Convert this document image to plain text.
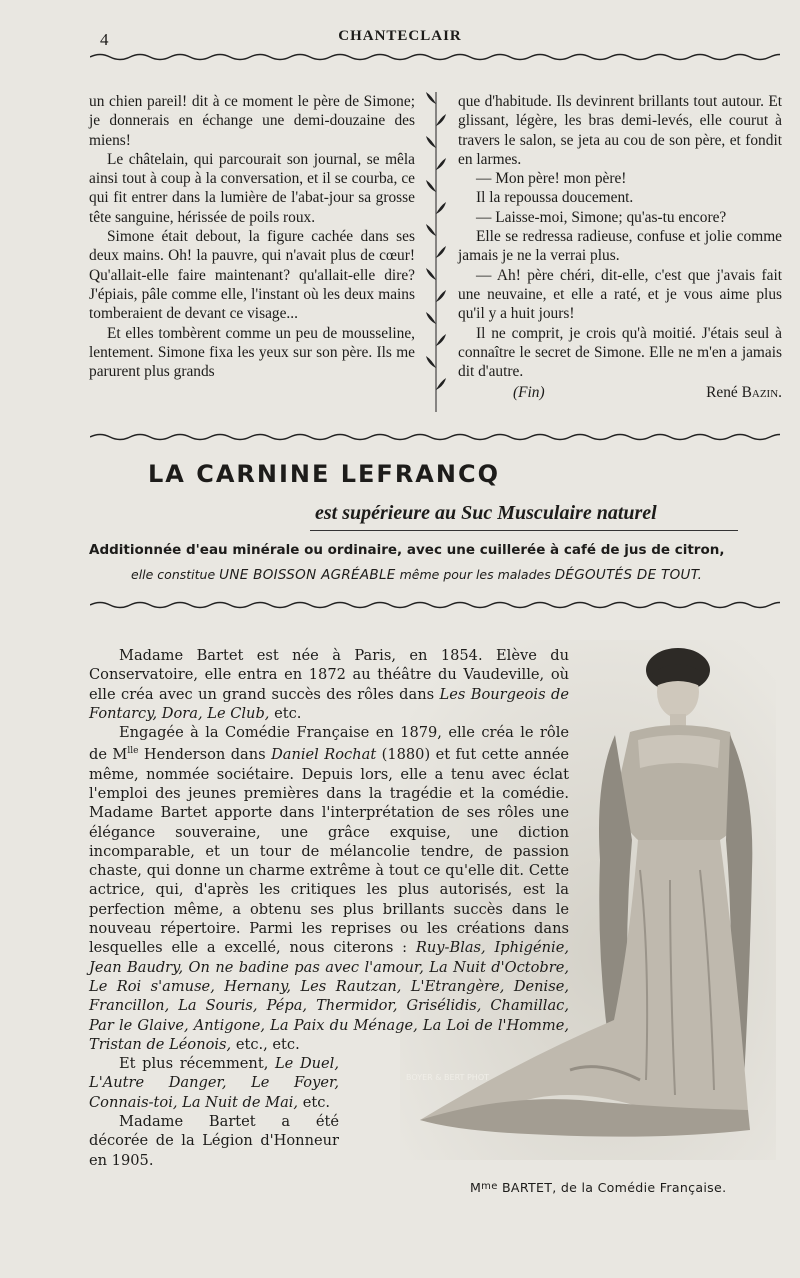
4	CHANTECLAIR

un chien pareil! dit à ce moment le père de Simone; je donnerais en échange une demi-douzaine des miens!

Le châtelain, qui parcourait son journal, se mêla ainsi tout à coup à la conversation, et il se courba, ce qui fit entrer dans la lumière de l'abat-jour sa grosse tête sanguine, hérissée de poils roux.

Simone était debout, la figure cachée dans ses deux mains. Oh! la pauvre, qui n'avait plus de cœur! Qu'allait-elle faire maintenant? qu'allait-elle dire? J'épiais, pâle comme elle, l'instant où les deux mains tomberaient de devant ce visage...

Et elles tombèrent comme un peu de mousseline, lentement. Simone fixa les yeux sur son père. Ils me parurent plus grands

que d'habitude. Ils devinrent brillants tout autour. Et glissant, légère, les bras demi-levés, elle courut à travers le salon, se jeta au cou de son père, et fondit en larmes.

— Mon père! mon père!

Il la repoussa doucement.

— Laisse-moi, Simone; qu'as-tu encore?

Elle se redressa radieuse, confuse et jolie comme jamais je ne la verrai plus.

— Ah! père chéri, dit-elle, c'est que j'avais fait une neuvaine, et elle a raté, et je vous aime plus qu'il y a huit jours!

Il ne comprit, je crois qu'à moitié. J'étais seul à connaître le secret de Simone. Elle ne m'en a jamais dit d'autre.

(Fin)	René Bazin.
LA CARNINE LEFRANCQ
est supérieure au Suc Musculaire naturel
Additionnée d'eau minérale ou ordinaire, avec une cuillerée à café de jus de citron,
elle constitue UNE BOISSON AGRÉABLE même pour les malades DÉGOUTÉS DE TOUT.
BOYER & BERT PHOT

Madame Bartet est née à Paris, en 1854. Elève du Conservatoire, elle entra en 1872 au théâtre du Vaudeville, où elle créa avec un grand succès des rôles dans Les Bourgeois de Fontarcy, Dora, Le Club, etc.

Engagée à la Comédie Française en 1879, elle créa le rôle de $M^{lle}$ Henderson dans Daniel Rochat (1880) et fut cette année même, nommée sociétaire. Depuis lors, elle a tenu avec éclat l'emploi des jeunes premières dans la tragédie et la comédie. Madame Bartet apporte dans l'interprétation de ses rôles une élégance souveraine, une grâce exquise, une diction incomparable, et un tour de mélancolie tendre, de passion chaste, qui donne un charme extrême à tout ce qu'elle dit. Cette actrice, qui, d'après les critiques les plus autorisés, est la perfection même, a obtenu ses plus brillants succès dans le nouveau répertoire. Parmi les reprises ou les créations dans lesquelles elle a excellé, nous citerons : Ruy-Blas, Iphigénie, Jean Baudry, On ne badine pas avec l'amour, La Nuit d'Octobre, Le Roi s'amuse, Hernany, Les Rautzan, L'Etrangère, Denise, Francillon, La Souris, Pépa, Thermidor, Grisélidis, Chamillac, Par le Glaive, Antigone, La Paix du Ménage, La Loi de l'Homme, Tristan de Léonois, etc., etc.

Et plus récemment, Le Duel, L'Autre Danger, Le Foyer, Connais-toi, La Nuit de Mai, etc.

Madame Bartet a été décorée de la Légion d'Honneur en 1905.

$M^{me}$ BARTET, de la Comédie Française.
